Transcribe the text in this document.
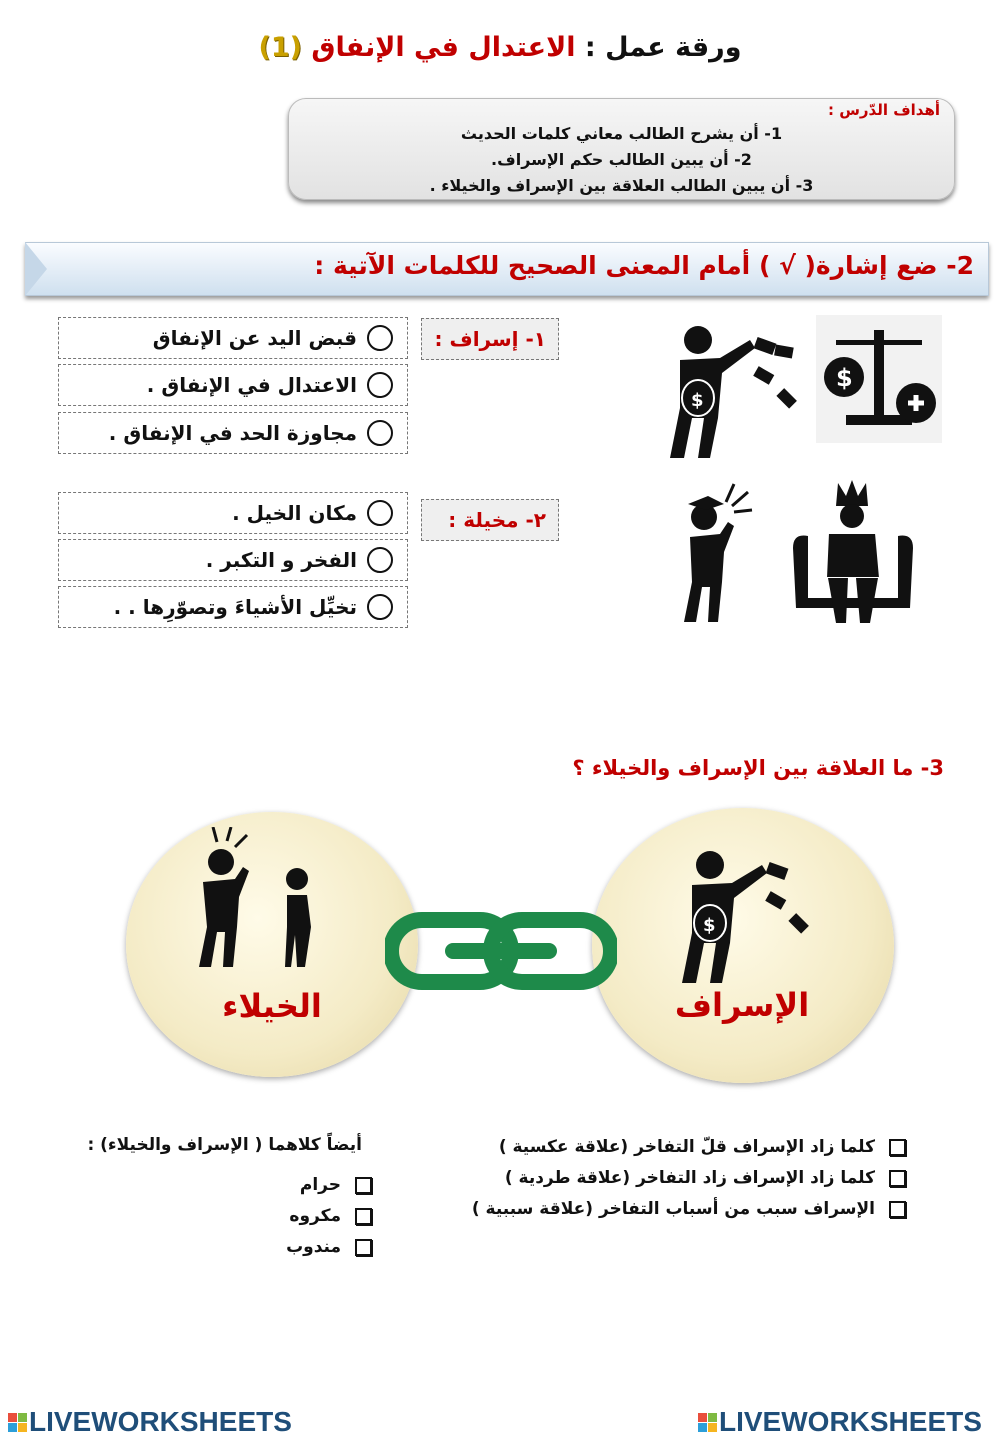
ورقة عمل : الاعتدال في الإنفاق (1)
أهداف الدّرس :
1- أن يشرح الطالب معاني كلمات الحديث
2- أن يبين الطالب حكم الإسراف.
3- أن يبين الطالب العلاقة بين الإسراف والخيلاء .
2- ضع إشارة( √ ) أمام المعنى الصحيح للكلمات الآتية :
١- إسراف :
قبض اليد عن الإنفاق
الاعتدال في الإنفاق .
مجاوزة الحد في الإنفاق .
٢- مخيلة :
مكان الخيل .
الفخر و التكبر .
تخيِّل الأشياءَ وتصوّرِها . .
$
$
3- ما العلاقة بين الإسراف والخيلاء ؟
الخيلاء
$
الإسراف
كلما زاد الإسراف قلّ التفاخر (علاقة عكسية )
كلما زاد الإسراف زاد التفاخر (علاقة طردية )
الإسراف سبب من أسباب التفاخر (علاقة سببية )
أيضاً كلاهما ( الإسراف والخيلاء) :
حرام
مكروه
مندوب
LIVEWORKSHEETS	LIVEWORKSHEETS
